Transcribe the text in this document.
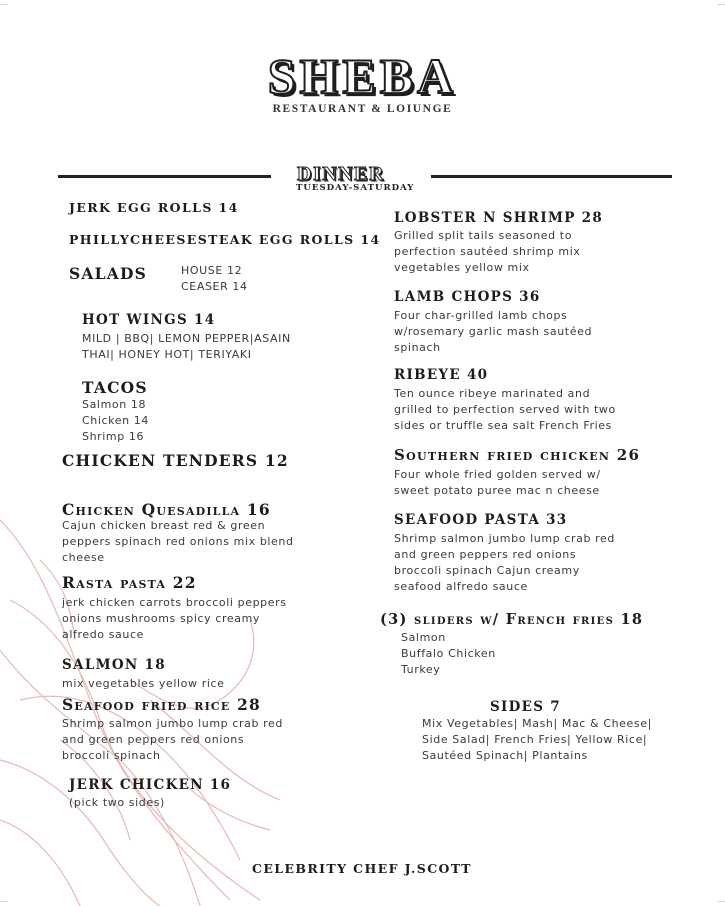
SHEBA
RESTAURANT & LOIUNGE
DINNER
TUESDAY-SATURDAY
JERK EGG ROLLS 14
PHILLYCHEESESTEAK EGG ROLLS 14
SALADS	HOUSE 12
CEASER 14
HOT WINGS 14
MILD | BBQ| LEMON PEPPER|ASAIN
THAI| HONEY HOT| TERIYAKI
TACOS
Salmon 18
Chicken 14
Shrimp 16
CHICKEN TENDERS 12
Chicken Quesadilla 16
Cajun chicken breast red & green
peppers spinach red onions mix blend
cheese
Rasta pasta 22
jerk chicken carrots broccoli peppers
onions mushrooms spicy creamy
alfredo sauce
SALMON 18
mix vegetables yellow rice
Seafood fried rice 28
Shrimp salmon jumbo lump crab red
and green peppers red onions
broccoli spinach
JERK CHICKEN 16
(pick two sides)
LOBSTER N SHRIMP 28
Grilled split tails seasoned to
perfection sautéed shrimp mix
vegetables yellow mix
LAMB CHOPS 36
Four char-grilled lamb chops
w/rosemary garlic mash sautéed
spinach
RIBEYE 40
Ten ounce ribeye marinated and
grilled to perfection served with two
sides or truffle sea salt French Fries
Southern fried chicken 26
Four whole fried golden served w/
sweet potato puree mac n cheese
SEAFOOD PASTA 33
Shrimp salmon jumbo lump crab red
and green peppers red onions
broccoli spinach Cajun creamy
seafood alfredo sauce
(3) sliders w/ French fries 18
Salmon
Buffalo Chicken
Turkey
SIDES 7
Mix Vegetables| Mash| Mac & Cheese|
Side Salad| French Fries| Yellow Rice|
Sautéed Spinach| Plantains
CELEBRITY CHEF J.SCOTT
